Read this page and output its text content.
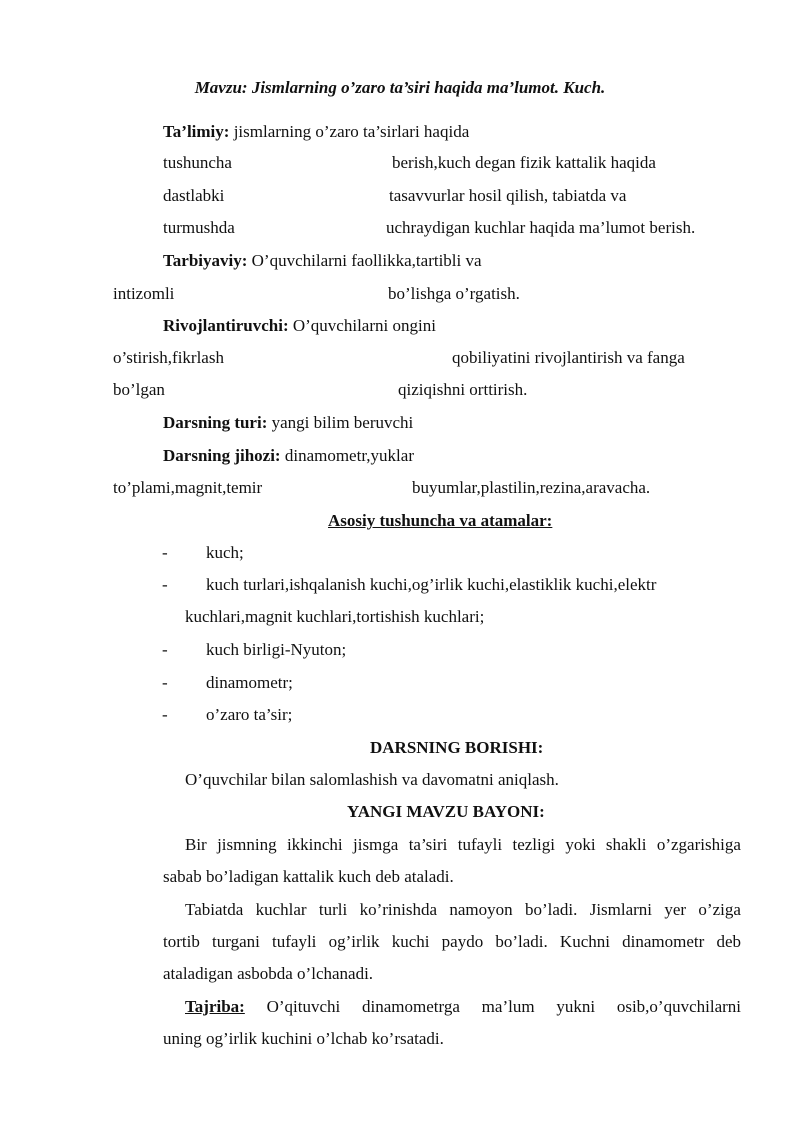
Mavzu: Jismlarning o’zaro ta’siri haqida ma’lumot. Kuch.
Ta’limiy: jismlarning o’zaro ta’sirlari haqida
tushuncha	berish,kuch degan fizik kattalik haqida
dastlabki	tasavvurlar hosil qilish, tabiatda va
turmushda	uchraydigan kuchlar haqida ma’lumot berish.
Tarbiyaviy: O’quvchilarni faollikka,tartibli va
intizomli	bo’lishga o’rgatish.
Rivojlantiruvchi: O’quvchilarni ongini
o’stirish,fikrlash	qobiliyatini rivojlantirish va fanga
bo’lgan	qiziqishni orttirish.
Darsning turi: yangi bilim beruvchi
Darsning jihozi: dinamometr,yuklar
to’plami,magnit,temir	buyumlar,plastilin,rezina,aravacha.
Asosiy tushuncha va atamalar:
- kuch;
- kuch turlari,ishqalanish kuchi,og’irlik kuchi,elastiklik kuchi,elektr
kuchlari,magnit kuchlari,tortishish kuchlari;
- kuch birligi-Nyuton;
- dinamometr;
- o’zaro ta’sir;
DARSNING BORISHI:
O’quvchilar bilan salomlashish va davomatni aniqlash.
YANGI MAVZU BAYONI:
Bir jismning ikkinchi jismga ta’siri tufayli tezligi yoki shakli o’zgarishiga
sabab bo’ladigan kattalik kuch deb ataladi.
Tabiatda kuchlar turli ko’rinishda namoyon bo’ladi. Jismlarni yer o’ziga
tortib turgani tufayli og’irlik kuchi paydo bo’ladi. Kuchni dinamometr deb
ataladigan asbobda o’lchanadi.
Tajriba: O’qituvchi dinamometrga ma’lum yukni osib,o’quvchilarni
uning og’irlik kuchini o’lchab ko’rsatadi.
